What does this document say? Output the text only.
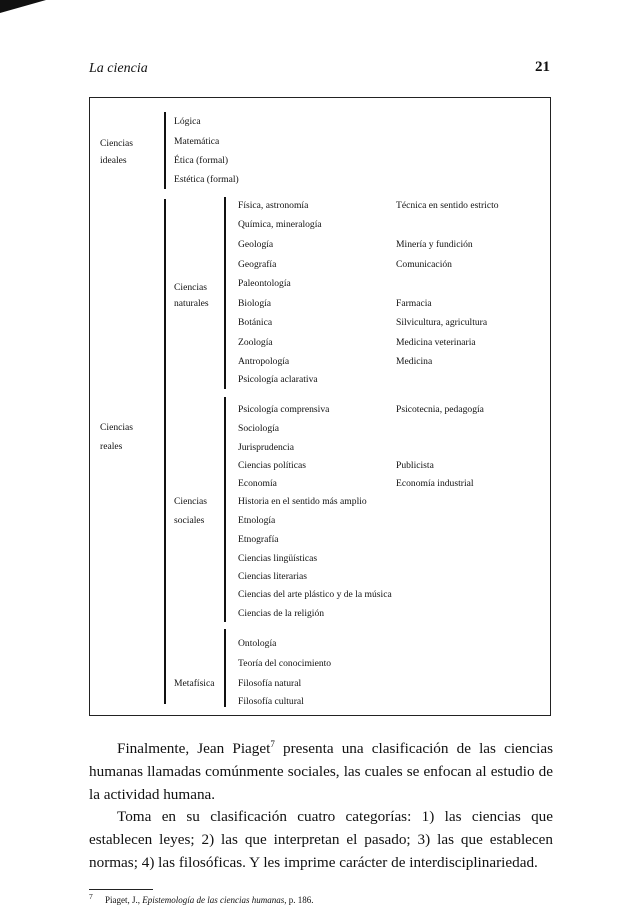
La ciencia	21
Ciencias
ideales
Lógica
Matemática
Ética (formal)
Estética (formal)
Ciencias
reales
Ciencias
naturales
Física, astronomía
Química, mineralogía
Geología
Geografía
Paleontología
Biología
Botánica
Zoología
Antropología
Psicología aclarativa
Técnica en sentido estricto
Minería y fundición
Comunicación
Farmacia
Silvicultura, agricultura
Medicina veterinaria
Medicina
Ciencias
sociales
Psicología comprensiva
Sociología
Jurisprudencia
Ciencias políticas
Economía
Historia en el sentido más amplio
Etnología
Etnografía
Ciencias lingüísticas
Ciencias literarias
Ciencias del arte plástico y de la música
Ciencias de la religión
Psicotecnia, pedagogía
Publicista
Economía industrial
Metafísica
Ontología
Teoría del conocimiento
Filosofía natural
Filosofía cultural

Finalmente, Jean Piaget$^7$ presenta una clasificación de las ciencias humanas llamadas comúnmente sociales, las cuales se enfocan al estudio de la actividad humana.

Toma en su clasificación cuatro categorías: 1) las ciencias que establecen leyes; 2) las que interpretan el pasado; 3) las que establecen normas; 4) las filosóficas. Y les imprime carácter de interdisciplinariedad.

$^7$ Piaget, J., Epistemología de las ciencias humanas, p. 186.
